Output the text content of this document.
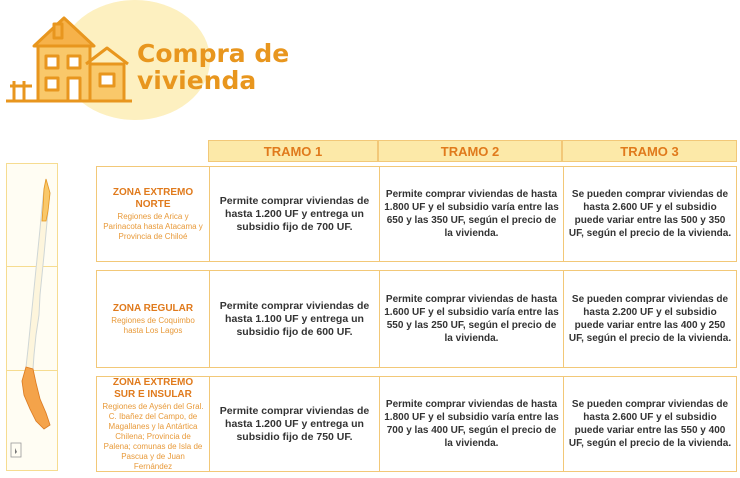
Compra de
vivienda
TRAMO 1	TRAMO 2	TRAMO 3
ZONA EXTREMO NORTE
Regiones de Arica y Parinacota hasta Atacama y Provincia de Chiloé
Permite comprar viviendas de hasta 1.200 UF y entrega un subsidio fijo de 700 UF.
Permite comprar viviendas de hasta 1.800 UF y el subsidio varía entre las 650 y las 350 UF, según el precio de la vivienda.
Se pueden comprar viviendas de hasta 2.600 UF y el subsidio puede variar entre las 500 y 350 UF, según el precio de la vivienda.
ZONA REGULAR
Regiones de Coquimbo hasta Los Lagos
Permite comprar viviendas de hasta 1.100 UF y entrega un subsidio fijo de 600 UF.
Permite comprar viviendas de hasta 1.600 UF y el subsidio varía entre las 550 y las 250 UF, según el precio de la vivienda.
Se pueden comprar viviendas de hasta 2.200 UF y el subsidio puede variar entre las 400 y 250 UF, según el precio de la vivienda.
ZONA EXTREMO SUR E INSULAR
Regiones de Aysén del Gral. C. Ibañez del Campo, de Magallanes y la Antártica Chilena; Provincia de Palena; comunas de Isla de Pascua y de Juan Fernández
Permite comprar viviendas de hasta 1.200 UF y entrega un subsidio fijo de 750 UF.
Permite comprar viviendas de hasta 1.800 UF y el subsidio varía entre las 700 y las 400 UF, según el precio de la vivienda.
Se pueden comprar viviendas de hasta 2.600 UF y el subsidio puede variar entre las 550 y 400 UF, según el precio de la vivienda.
